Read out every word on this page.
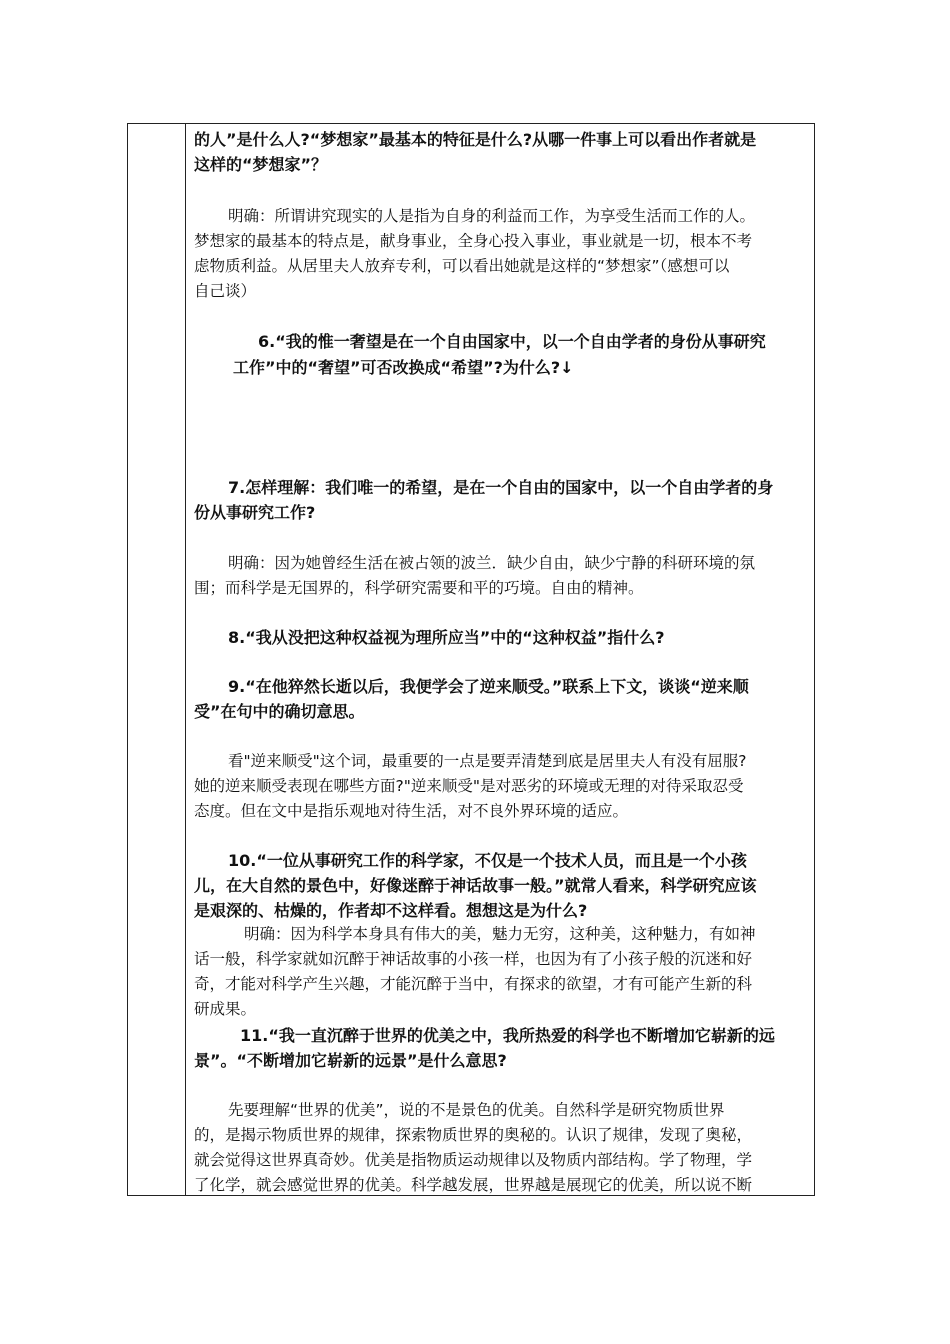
的人”是什么人?“梦想家”最基本的特征是什么?从哪一件事上可以看出作者就是

这样的“梦想家”？

明确：所谓讲究现实的人是指为自身的利益而工作，为享受生活而工作的人。

梦想家的最基本的特点是，献身事业，全身心投入事业，事业就是一切，根本不考

虑物质利益。从居里夫人放弃专利，可以看出她就是这样的“梦想家”（感想可以

自己谈）

6.“我的惟一奢望是在一个自由国家中，以一个自由学者的身份从事研究

工作”中的“奢望”可否改换成“希望”?为什么?↓

7.怎样理解：我们唯一的希望，是在一个自由的国家中，以一个自由学者的身

份从事研究工作?

明确：因为她曾经生活在被占领的波兰．缺少自由，缺少宁静的科研环境的氛

围；而科学是无国界的，科学研究需要和平的巧境。自由的精神。

8.“我从没把这种权益视为理所应当”中的“这种权益”指什么?

9.“在他猝然长逝以后，我便学会了逆来顺受。”联系上下文，谈谈“逆来顺

受”在句中的确切意思。

看"逆来顺受"这个词，最重要的一点是要弄清楚到底是居里夫人有没有屈服?

她的逆来顺受表现在哪些方面?"逆来顺受"是对恶劣的环境或无理的对待采取忍受

态度。但在文中是指乐观地对待生活，对不良外界环境的适应。

10.“一位从事研究工作的科学家，不仅是一个技术人员，而且是一个小孩

儿，在大自然的景色中，好像迷醉于神话故事一般。”就常人看来，科学研究应该

是艰深的、枯燥的，作者却不这样看。想想这是为什么?

明确：因为科学本身具有伟大的美，魅力无穷，这种美，这种魅力，有如神

话一般，科学家就如沉醉于神话故事的小孩一样，也因为有了小孩子般的沉迷和好

奇，才能对科学产生兴趣，才能沉醉于当中，有探求的欲望，才有可能产生新的科

研成果。

11.“我一直沉醉于世界的优美之中，我所热爱的科学也不断增加它崭新的远

景”。“不断增加它崭新的远景”是什么意思?

先要理解“世界的优美”，说的不是景色的优美。自然科学是研究物质世界

的，是揭示物质世界的规律，探索物质世界的奥秘的。认识了规律，发现了奥秘，

就会觉得这世界真奇妙。优美是指物质运动规律以及物质内部结构。学了物理，学

了化学，就会感觉世界的优美。科学越发展，世界越是展现它的优美，所以说不断
